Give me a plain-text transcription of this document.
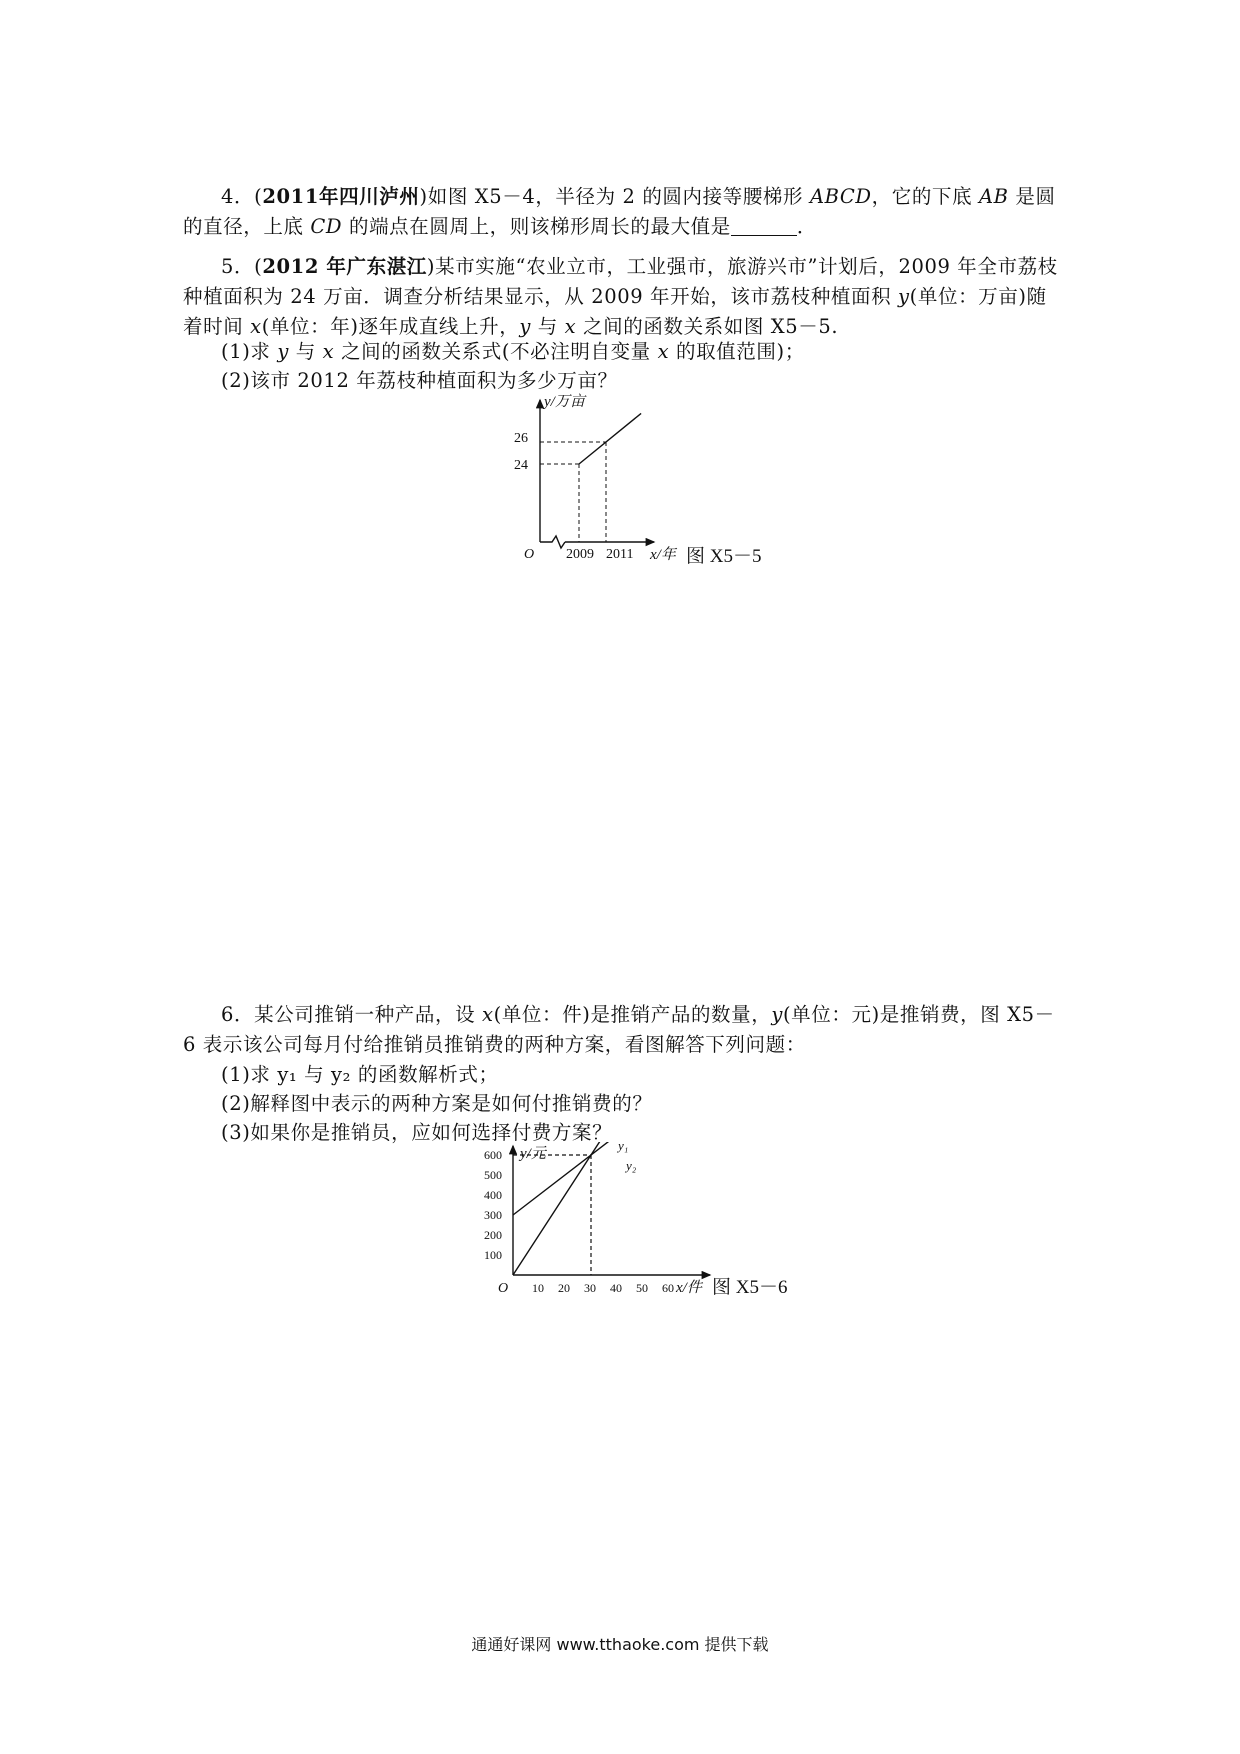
4．(2011年四川泸州)如图 X5－4，半径为 2 的圆内接等腰梯形 ABCD，它的下底 AB 是圆的直径，上底 CD 的端点在圆周上，则该梯形周长的最大值是	．

5．(2012 年广东湛江)某市实施“农业立市，工业强市，旅游兴市”计划后，2009 年全市荔枝种植面积为 24 万亩．调查分析结果显示，从 2009 年开始，该市荔枝种植面积 y(单位：万亩)随着时间 x(单位：年)逐年成直线上升，y 与 x 之间的函数关系如图 X5－5.

(1)求 y 与 x 之间的函数关系式(不必注明自变量 x 的取值范围)；

(2)该市 2012 年荔枝种植面积为多少万亩？

y/万亩
26
24
O 2009 2011 x/年 图 X5－5

6．某公司推销一种产品，设 x(单位：件)是推销产品的数量，y(单位：元)是推销费，图 X5－6 表示该公司每月付给推销员推销费的两种方案，看图解答下列问题：

(1)求 y₁ 与 y₂ 的函数解析式；

(2)解释图中表示的两种方案是如何付推销费的？

(3)如果你是推销员，应如何选择付费方案？

600
500
400
300
200
100
10 20 30 40 50 60
y/元
O	x/件
y₁
y₂
图 X5－6
通通好课网 www.tthaoke.com 提供下载
